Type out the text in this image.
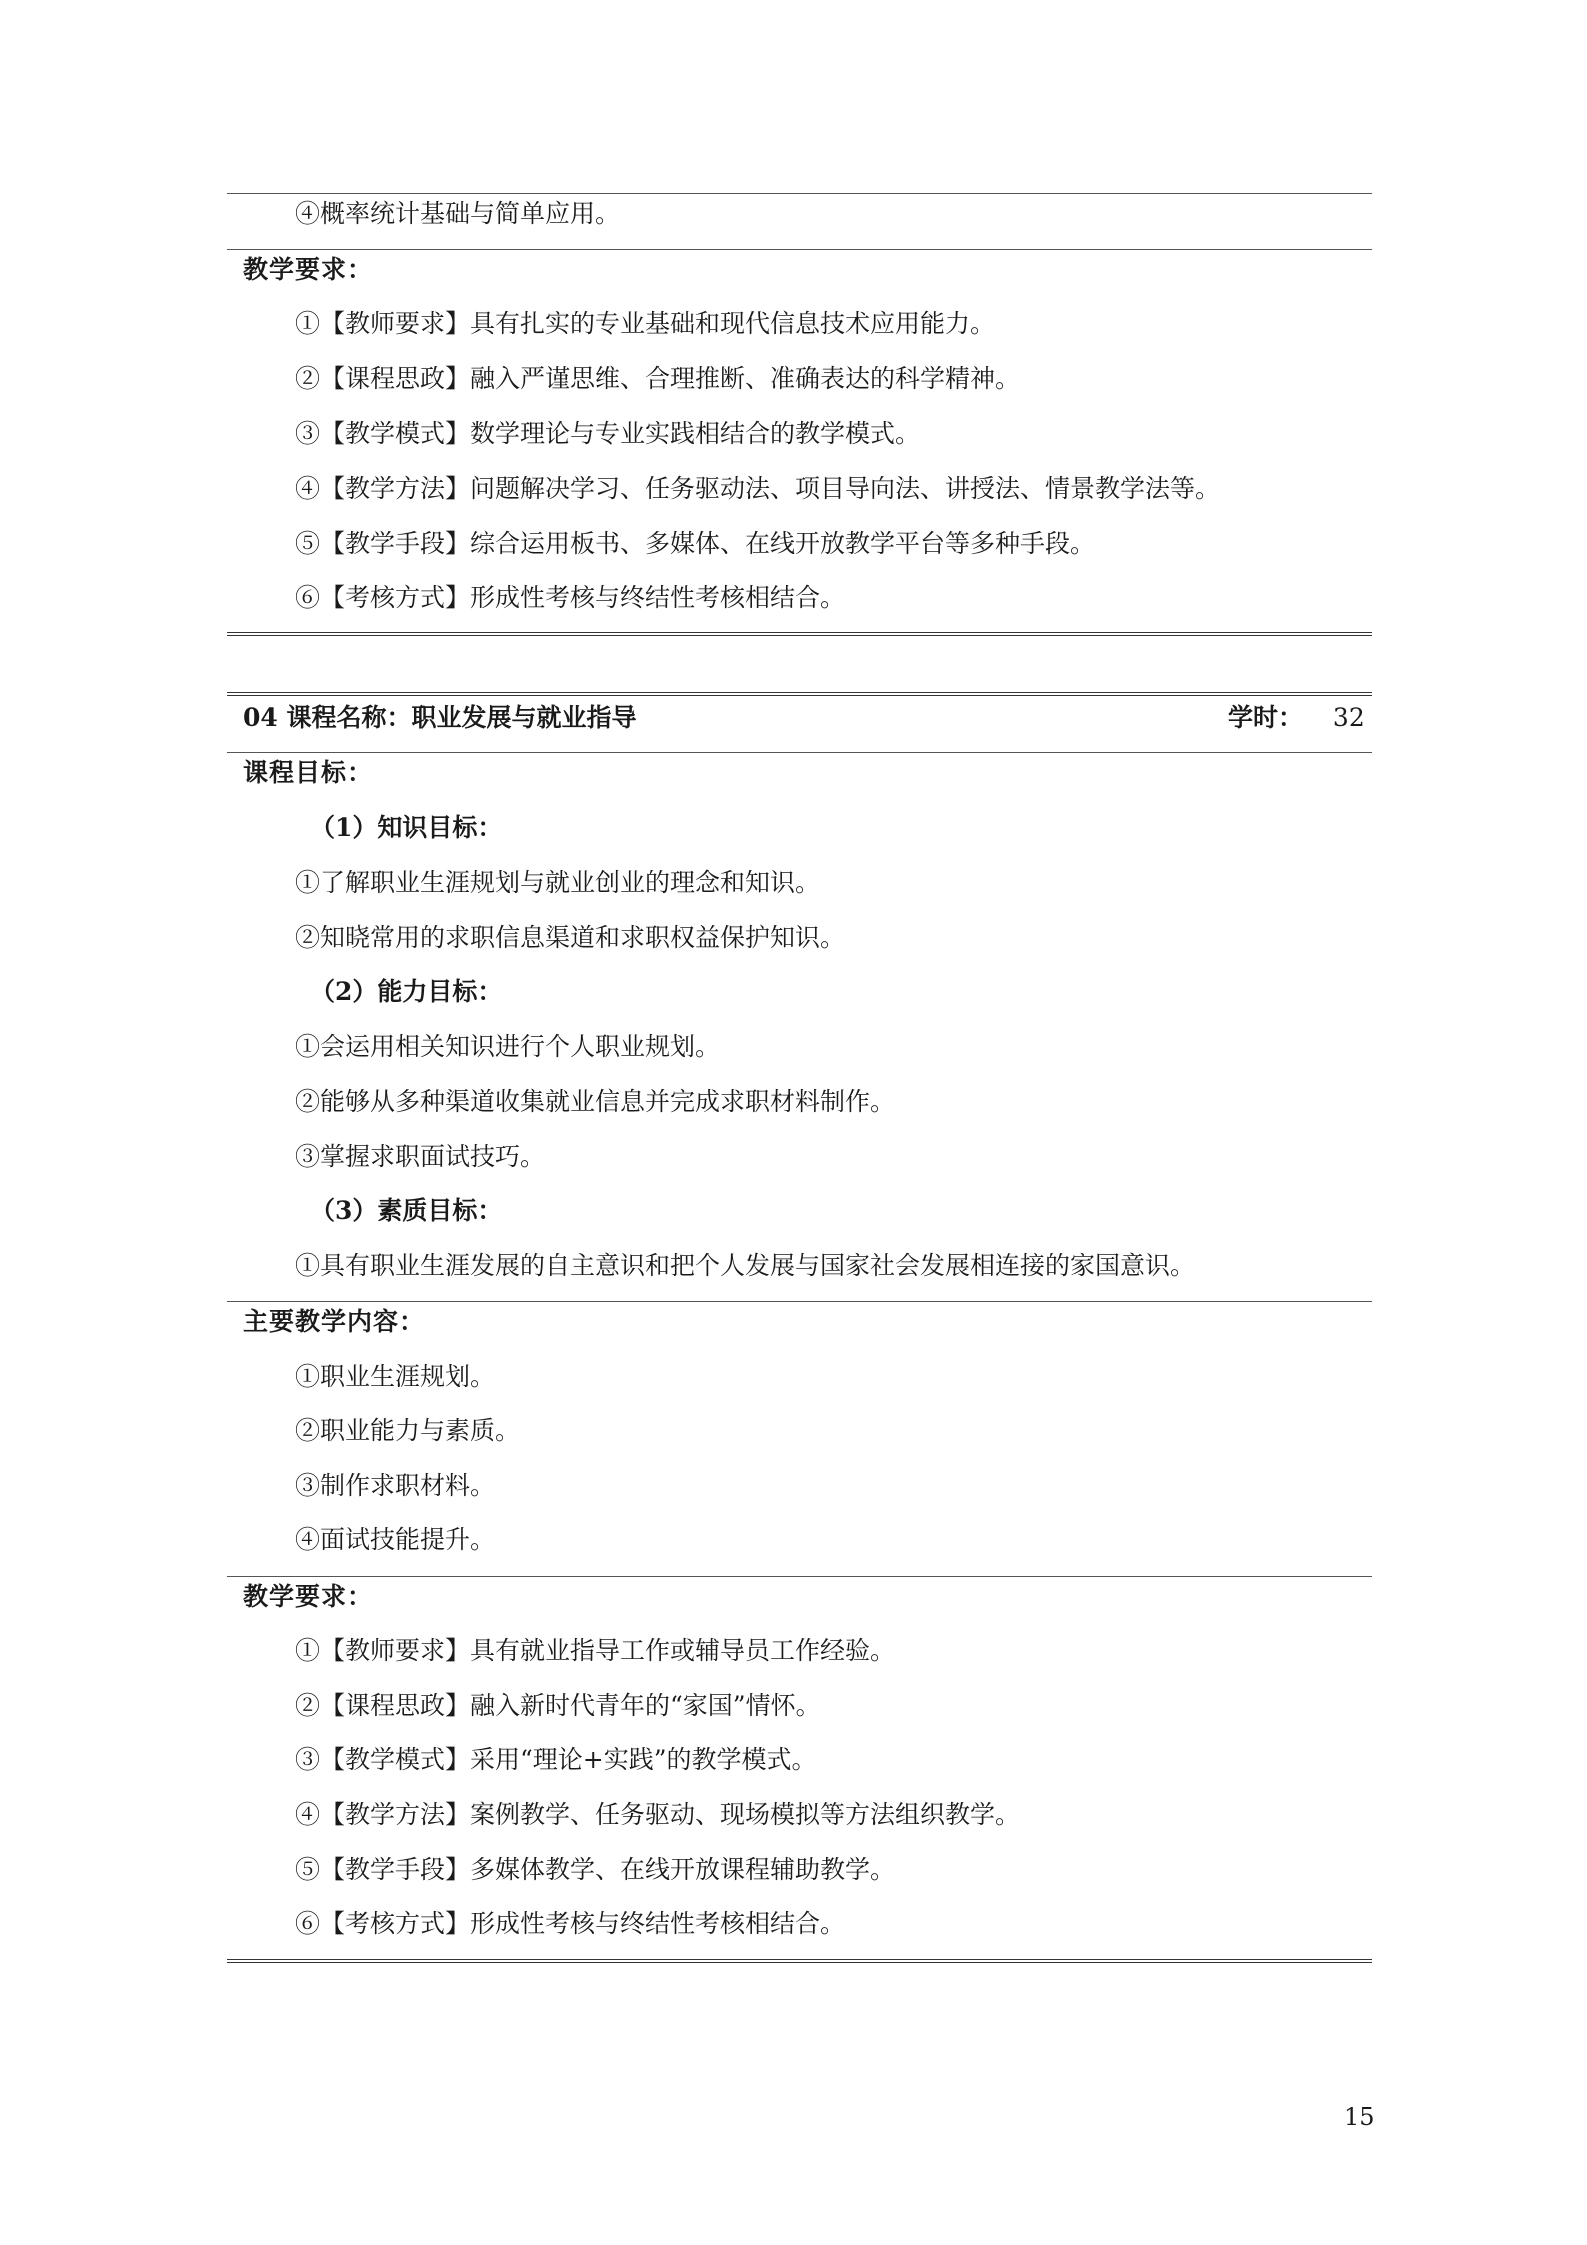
④概率统计基础与简单应用。
教学要求：
①【教师要求】具有扎实的专业基础和现代信息技术应用能力。
②【课程思政】融入严谨思维、合理推断、准确表达的科学精神。
③【教学模式】数学理论与专业实践相结合的教学模式。
④【教学方法】问题解决学习、任务驱动法、项目导向法、讲授法、情景教学法等。
⑤【教学手段】综合运用板书、多媒体、在线开放教学平台等多种手段。
⑥【考核方式】形成性考核与终结性考核相结合。
04 课程名称：职业发展与就业指导	学时： 32
课程目标：
（1）知识目标：
①了解职业生涯规划与就业创业的理念和知识。
②知晓常用的求职信息渠道和求职权益保护知识。
（2）能力目标：
①会运用相关知识进行个人职业规划。
②能够从多种渠道收集就业信息并完成求职材料制作。
③掌握求职面试技巧。
（3）素质目标：
①具有职业生涯发展的自主意识和把个人发展与国家社会发展相连接的家国意识。
主要教学内容：
①职业生涯规划。
②职业能力与素质。
③制作求职材料。
④面试技能提升。
教学要求：
①【教师要求】具有就业指导工作或辅导员工作经验。
②【课程思政】融入新时代青年的“家国”情怀。
③【教学模式】采用“理论+实践”的教学模式。
④【教学方法】案例教学、任务驱动、现场模拟等方法组织教学。
⑤【教学手段】多媒体教学、在线开放课程辅助教学。
⑥【考核方式】形成性考核与终结性考核相结合。
15
